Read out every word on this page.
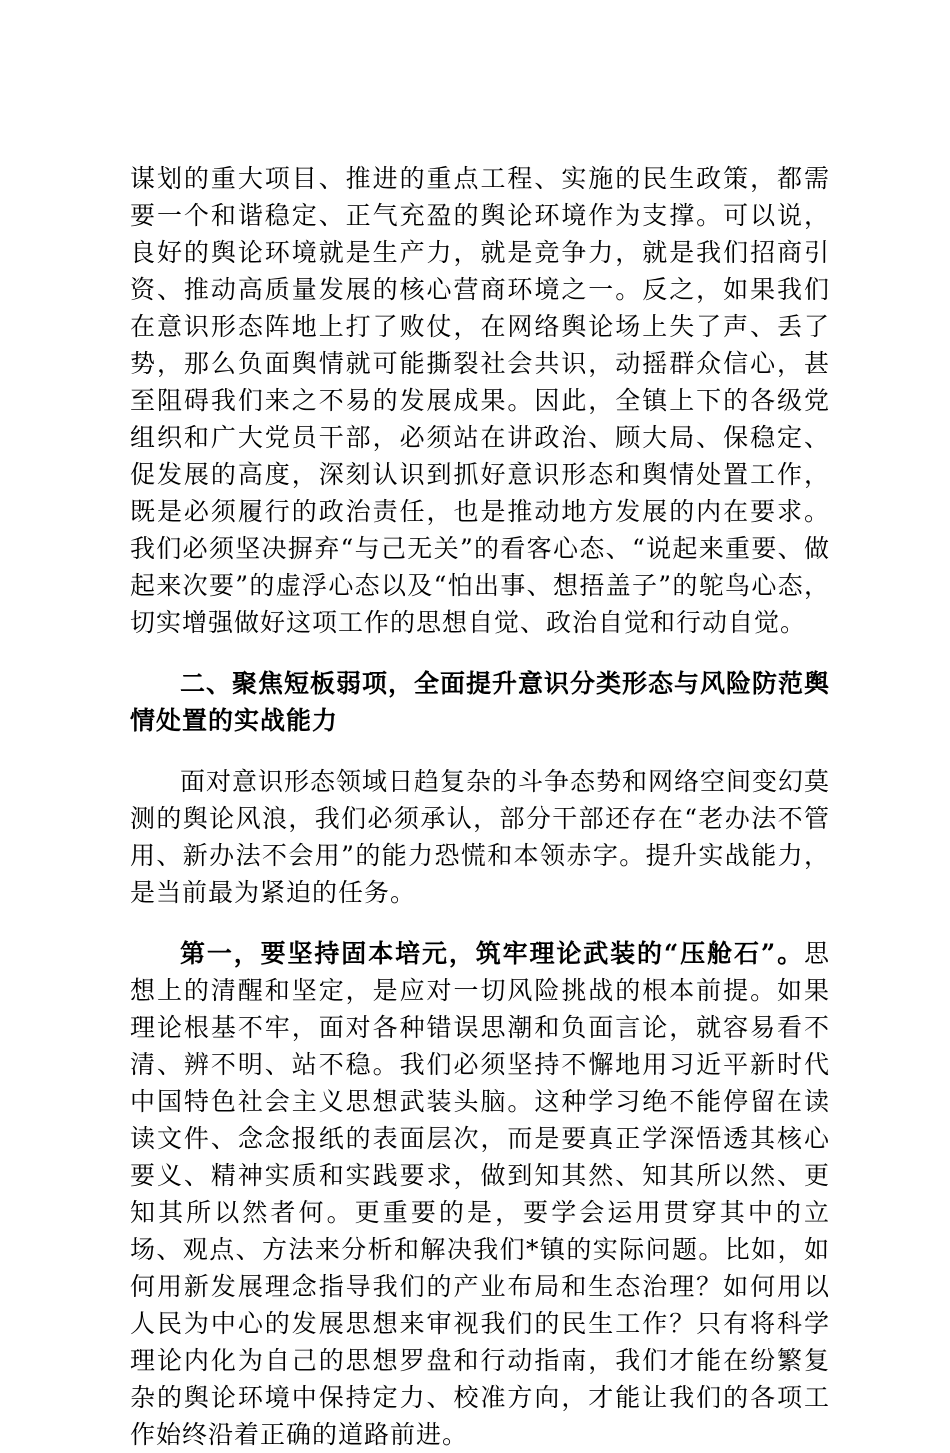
谋划的重大项目、推进的重点工程、实施的民生政策，都需要一个和谐稳定、正气充盈的舆论环境作为支撑。可以说，良好的舆论环境就是生产力，就是竞争力，就是我们招商引资、推动高质量发展的核心营商环境之一。反之，如果我们在意识形态阵地上打了败仗，在网络舆论场上失了声、丢了势，那么负面舆情就可能撕裂社会共识，动摇群众信心，甚至阻碍我们来之不易的发展成果。因此，全镇上下的各级党组织和广大党员干部，必须站在讲政治、顾大局、保稳定、促发展的高度，深刻认识到抓好意识形态和舆情处置工作，既是必须履行的政治责任，也是推动地方发展的内在要求。我们必须坚决摒弃“与己无关”的看客心态、“说起来重要、做起来次要”的虚浮心态以及“怕出事、想捂盖子”的鸵鸟心态，切实增强做好这项工作的思想自觉、政治自觉和行动自觉。

二、聚焦短板弱项，全面提升意识分类形态与风险防范舆情处置的实战能力

面对意识形态领域日趋复杂的斗争态势和网络空间变幻莫测的舆论风浪，我们必须承认，部分干部还存在“老办法不管用、新办法不会用”的能力恐慌和本领赤字。提升实战能力，是当前最为紧迫的任务。

第一，要坚持固本培元，筑牢理论武装的“压舱石”。思想上的清醒和坚定，是应对一切风险挑战的根本前提。如果理论根基不牢，面对各种错误思潮和负面言论，就容易看不清、辨不明、站不稳。我们必须坚持不懈地用习近平新时代中国特色社会主义思想武装头脑。这种学习绝不能停留在读读文件、念念报纸的表面层次，而是要真正学深悟透其核心要义、精神实质和实践要求，做到知其然、知其所以然、更知其所以然者何。更重要的是，要学会运用贯穿其中的立场、观点、方法来分析和解决我们*镇的实际问题。比如，如何用新发展理念指导我们的产业布局和生态治理？如何用以人民为中心的发展思想来审视我们的民生工作？只有将科学理论内化为自己的思想罗盘和行动指南，我们才能在纷繁复杂的舆论环境中保持定力、校准方向，才能让我们的各项工作始终沿着正确的道路前进。
